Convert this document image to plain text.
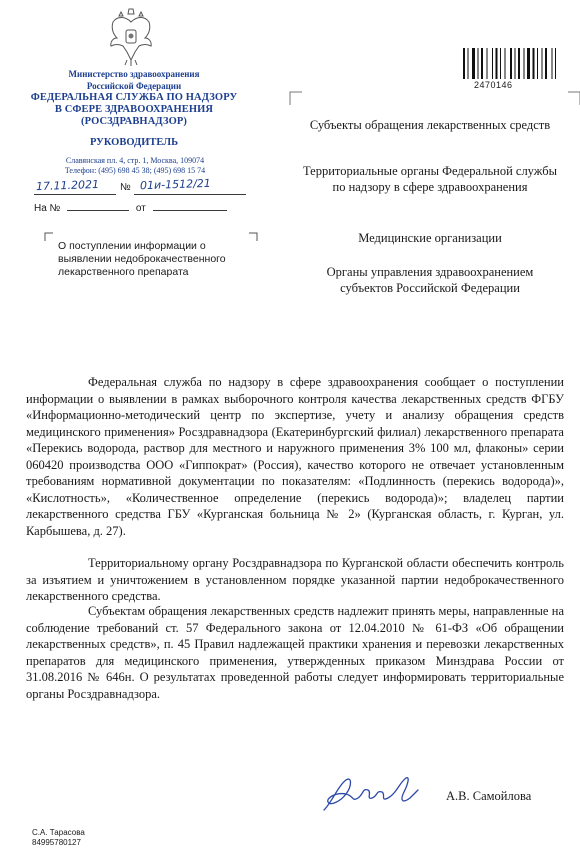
Министерство здравоохранения
Российской Федерации
ФЕДЕРАЛЬНАЯ СЛУЖБА ПО НАДЗОРУ
В СФЕРЕ ЗДРАВООХРАНЕНИЯ
(РОСЗДРАВНАДЗОР)
РУКОВОДИТЕЛЬ
Славянская пл. 4, стр. 1, Москва, 109074
Телефон: (495) 698 45 38; (495) 698 15 74
17.11.2021 № 01и-1512/21
На №	от
О поступлении информации о выявлении недоброкачественного лекарственного препарата
2470146
Субъекты обращения лекарственных средств
Территориальные органы Федеральной службы по надзору в сфере здравоохранения
Медицинские организации
Органы управления здравоохранением субъектов Российской Федерации

Федеральная служба по надзору в сфере здравоохранения сообщает о поступлении информации о выявлении в рамках выборочного контроля качества лекарственных средств ФГБУ «Информационно-методический центр по экспертизе, учету и анализу обращения средств медицинского применения» Росздравнадзора (Екатеринбургский филиал) лекарственного препарата «Перекись водорода, раствор для местного и наружного применения 3% 100 мл, флаконы» серии 060420 производства ООО «Гиппократ» (Россия), качество которого не отвечает установленным требованиям нормативной документации по показателям: «Подлинность (перекись водорода)», «Кислотность», «Количественное определение (перекись водорода)»; владелец партии лекарственного средства ГБУ «Курганская больница № 2» (Курганская область, г. Курган, ул. Карбышева, д. 27).

Территориальному органу Росздравнадзора по Курганской области обеспечить контроль за изъятием и уничтожением в установленном порядке указанной партии недоброкачественного лекарственного средства.

Субъектам обращения лекарственных средств надлежит принять меры, направленные на соблюдение требований ст. 57 Федерального закона от 12.04.2010 № 61-ФЗ «Об обращении лекарственных средств», п. 45 Правил надлежащей практики хранения и перевозки лекарственных препаратов для медицинского применения, утвержденных приказом Минздрава России от 31.08.2016 № 646н. О результатах проведенной работы следует информировать территориальные органы Росздравнадзора.

А.В. Самойлова
С.А. Тарасова
84995780127
